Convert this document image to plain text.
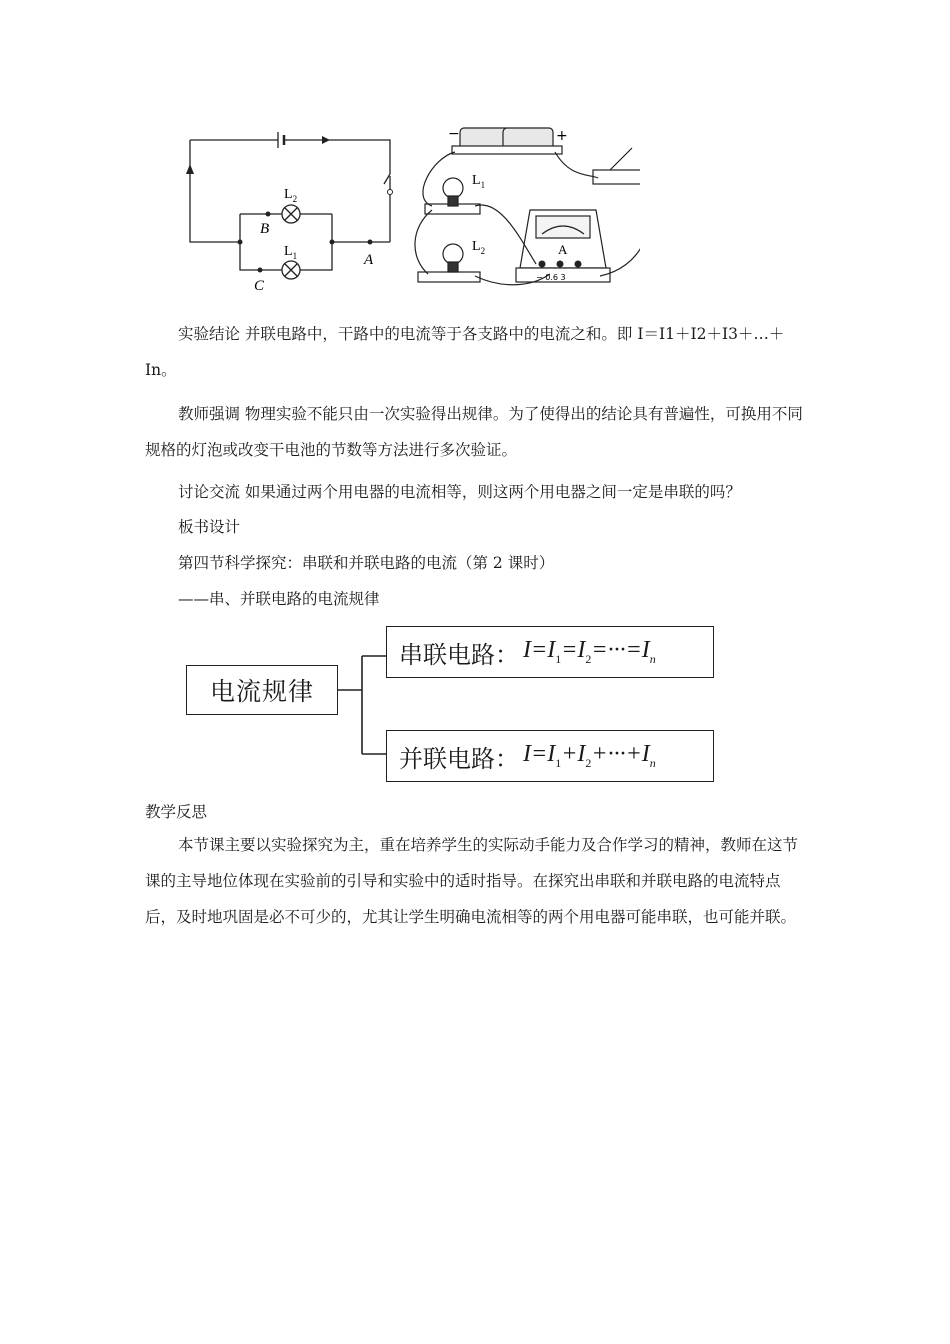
$L_2$
$L_1$
B
C
A
−	+
$L_1$
$L_2$	A
− 0.6 3

实验结论 并联电路中，干路中的电流等于各支路中的电流之和。即 I＝I1＋I2＋I3＋…＋In。

教师强调 物理实验不能只由一次实验得出规律。为了使得出的结论具有普遍性，可换用不同规格的灯泡或改变干电池的节数等方法进行多次验证。

讨论交流 如果通过两个用电器的电流相等，则这两个用电器之间一定是串联的吗？

板书设计

第四节科学探究：串联和并联电路的电流（第 2 课时）

——串、并联电路的电流规律

电流规律
串联电路： $I=I_1=I_2=\cdot\cdot\cdot=I_n$
并联电路： $I=I_1+I_2+\cdot\cdot\cdot+I_n$

教学反思

本节课主要以实验探究为主，重在培养学生的实际动手能力及合作学习的精神，教师在这节课的主导地位体现在实验前的引导和实验中的适时指导。在探究出串联和并联电路的电流特点后，及时地巩固是必不可少的，尤其让学生明确电流相等的两个用电器可能串联，也可能并联。
